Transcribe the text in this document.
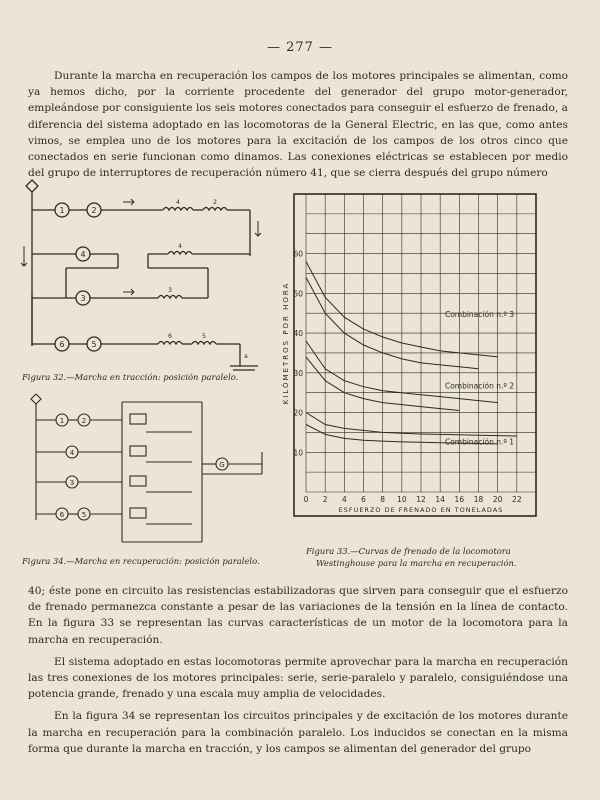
— 277 —

Durante la marcha en recuperación los campos de los motores principales se alimentan, como ya hemos dicho, por la corriente procedente del generador del grupo motor-generador, empleándose por consiguiente los seis motores conectados para conseguir el esfuerzo de frenado, a diferencia del sistema adoptado en las locomotoras de la General Electric, en las que, como antes vimos, se emplea uno de los motores para la excitación de los campos de los otros cinco que conectados en serie funcionan como dinamos. Las conexiones eléctricas se establecen por medio del grupo de interruptores de recuperación número 41, que se cierra después del grupo número

1	2
4
3
6	5
4	2
4
3
6	5
a
Figura 32.—Marcha en tracción: posición paralelo.
1	2
4
3
6	5
G
Figura 34.—Marcha en recuperación: posición paralelo.
0 2 4 6 8 10 12 14 16 18 20 22
10
20
30
40
50
60
ESFUERZO DE FRENADO EN TONELADAS
KILÓMETROS POR HORA	Combinación n.º 3
Combinación n.º 2
Combinación n.º 1
Figura 33.—Curvas de frenado de la locomotora
Westinghouse para la marcha en recuperación.

40; éste pone en circuito las resistencias estabilizadoras que sirven para conseguir que el esfuerzo de frenado permanezca constante a pesar de las variaciones de la tensión en la línea de contacto. En la figura 33 se representan las curvas características de un motor de la locomotora para la marcha en recuperación.

El sistema adoptado en estas locomotoras permite aprovechar para la marcha en recuperación las tres conexiones de los motores principales: serie, serie-paralelo y paralelo, consiguiéndose una potencia grande, frenado y una escala muy amplia de velocidades.

En la figura 34 se representan los circuitos principales y de excitación de los motores durante la marcha en recuperación para la combinación paralelo. Los inducidos se conectan en la misma forma que durante la marcha en tracción, y los campos se alimentan del generador del grupo
